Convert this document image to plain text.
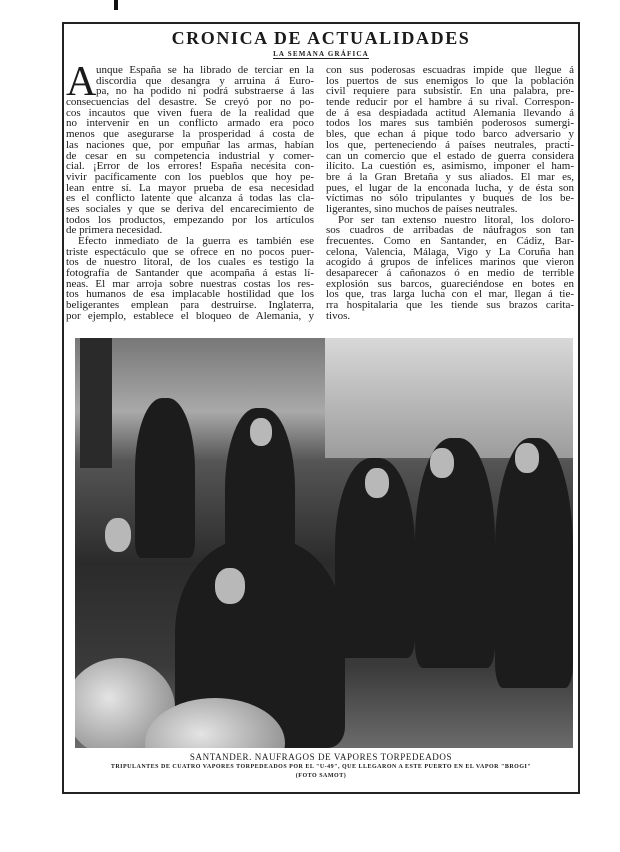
CRONICA DE ACTUALIDADES
LA SEMANA GRÁFICA
A unque España se ha librado de terciar en la
discordia que desangra y arruina á Euro-
pa, no ha podido ni podrá substraerse á las
consecuencias del desastre. Se creyó por no po-
cos incautos que viven fuera de la realidad que
no intervenir en un conflicto armado era poco
menos que asegurarse la prosperidad á costa de
las naciones que, por empuñar las armas, habían
de cesar en su competencia industrial y comer-
cial. ¡Error de los errores! España necesita con-
vivir pacíficamente con los pueblos que hoy pe-
lean entre sí. La mayor prueba de esa necesidad
es el conflicto latente que alcanza á todas las cla-
ses sociales y que se deriva del encarecimiento de
todos los productos, empezando por los artículos
de primera necesidad.
Efecto inmediato de la guerra es también ese
triste espectáculo que se ofrece en no pocos puer-
tos de nuestro litoral, de los cuales es testigo la
fotografía de Santander que acompaña á estas lí-
neas. El mar arroja sobre nuestras costas los res-
tos humanos de esa implacable hostilidad que los
beligerantes emplean para destruirse. Inglaterra,
por ejemplo, establece el bloqueo de Alemania, y
con sus poderosas escuadras impide que llegue á
los puertos de sus enemigos lo que la población
civil requiere para subsistir. En una palabra, pre-
tende reducir por el hambre á su rival. Correspon-
de á esa despiadada actitud Alemania llevando á
todos los mares sus también poderosos sumergi-
bles, que echan á pique todo barco adversario y
los que, perteneciendo á países neutrales, practi-
can un comercio que el estado de guerra considera
ilícito. La cuestión es, asimismo, imponer el ham-
bre á la Gran Bretaña y sus aliados. El mar es,
pues, el lugar de la enconada lucha, y de ésta son
víctimas no sólo tripulantes y buques de los be-
ligerantes, sino muchos de países neutrales.
Por ser tan extenso nuestro litoral, los doloro-
sos cuadros de arribadas de náufragos son tan
frecuentes. Como en Santander, en Cádiz, Bar-
celona, Valencia, Málaga, Vigo y La Coruña han
acogido á grupos de infelices marinos que vieron
desaparecer á cañonazos ó en medio de terrible
explosión sus barcos, guareciéndose en botes en
los que, tras larga lucha con el mar, llegan á tie-
rra hospitalaria que les tiende sus brazos carita-
tivos.
SANTANDER. NAUFRAGOS DE VAPORES TORPEDEADOS
TRIPULANTES DE CUATRO VAPORES TORPEDEADOS POR EL "U-49", QUE LLEGARON A ESTE PUERTO EN EL VAPOR "BROGI"
(FOTO SAMOT)
